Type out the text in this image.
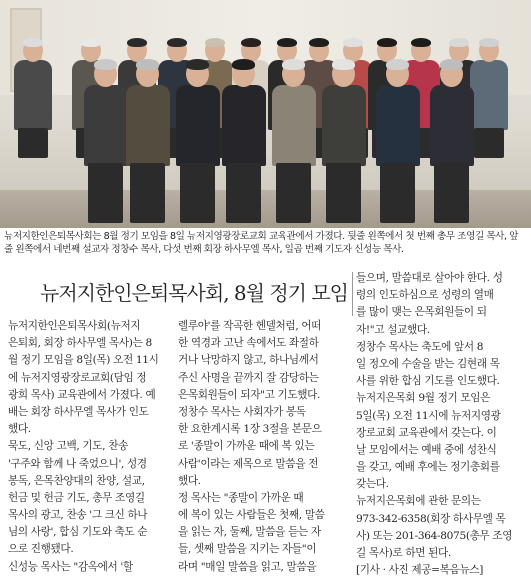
뉴저지한인은퇴목사회는 8월 정기 모임을 8일 뉴저지영광장로교회 교육관에서 가졌다. 뒷줄 왼쪽에서 첫 번째 총무 조영길 목사, 앞
줄 왼쪽에서 네번째 설교자 정창수 목사, 다섯 번째 회장 하사무엘 목사, 일곱 번째 기도자 신성능 목사.
뉴저지한인은퇴목사회, 8월 정기 모임
뉴저지한인은퇴목사회(뉴저지
은퇴회, 회장 하사무엘 목사)는 8
월 정기 모임을 8일(목) 오전 11시
에 뉴저지영광장로교회(담임 정
광희 목사) 교육관에서 가졌다. 예
배는 회장 하사무엘 목사가 인도
했다.
묵도, 신앙 고백, 기도, 찬송
'구주와 함께 나 죽었으니', 성경
봉독, 은목찬양대의 찬양, 설교,
헌금 및 헌금 기도, 총무 조영길
목사의 광고, 찬송 '그 크신 하나
님의 사랑', 합심 기도와 축도 순
으로 진행됐다.
신성능 목사는 "감옥에서 '할
렐루야'를 작곡한 헨델처럼, 어떠
한 역경과 고난 속에서도 좌절하
거나 낙망하지 않고, 하나님께서
주신 사명을 끝까지 잘 감당하는
은목회원들이 되자"고 기도했다.
정창수 목사는 사회자가 봉독
한 요한계시록 1장 3절을 본문으
로 '종말이 가까운 때에 복 있는
사람'이라는 제목으로 말씀을 전
했다.
정 목사는 "종말이 가까운 때
에 복이 있는 사람들은 첫째, 말씀
을 읽는 자, 둘째, 말씀을 듣는 자
들, 셋째 말씀을 지키는 자들"이
라며 "매일 말씀을 읽고, 말씀을
들으며, 말씀대로 살아야 한다. 성
령의 인도하심으로 성령의 열매
를 많이 맺는 은목회원들이 되
자!"고 설교했다.
정창수 목사는 축도에 앞서 8
일 정오에 수술을 받는 김현래 목
사를 위한 합심 기도를 인도했다.
뉴저지은목회 9월 정기 모임은
5일(목) 오전 11시에 뉴저지영광
장로교회 교육관에서 갖는다. 이
날 모임에서는 예배 중에 성찬식
을 갖고, 예배 후에는 정기총회를
갖는다.
뉴저지은목회에 관한 문의는
973-342-6358(회장 하사무엘 목
사) 또는 201-364-8075(총무 조영
길 목사)로 하면 된다.
[기사 · 사진 제공=복음뉴스]
